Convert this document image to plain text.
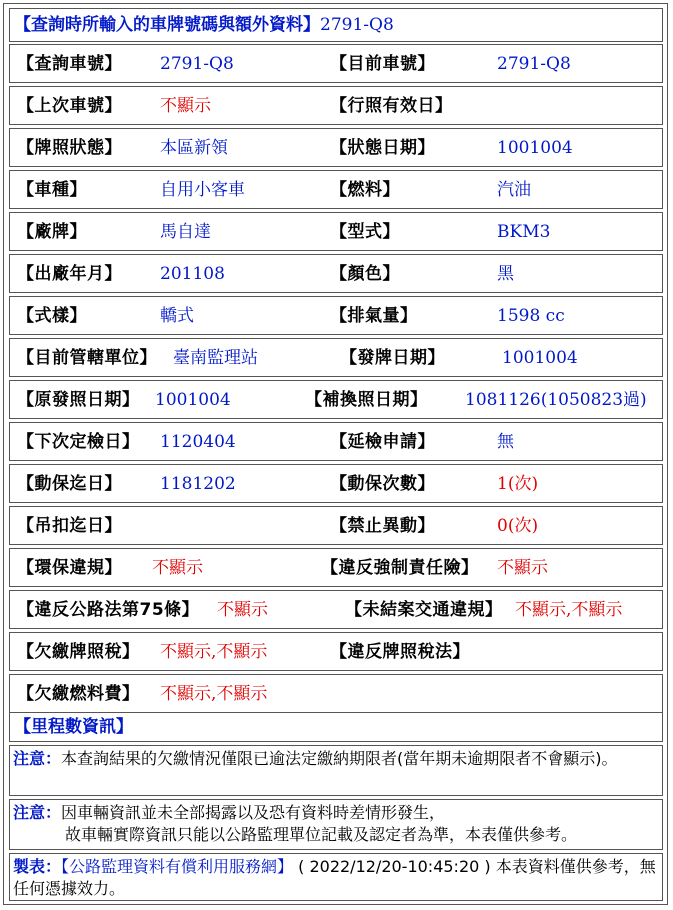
【查詢時所輸入的車牌號碼與額外資料】2791-Q8
【查詢車號】 2791-Q8	【目前車號】	2791-Q8
【上次車號】 不顯示	【行照有效日】
【牌照狀態】 本區新領	【狀態日期】	1001004
【車種】	自用小客車	【燃料】	汽油
【廠牌】	馬自達	【型式】	BKM3
【出廠年月】 201108	【顏色】	黑
【式樣】	轎式	【排氣量】	1598 cc
【目前管轄單位】 臺南監理站	【發牌日期】	1001004
【原發照日期】 1001004	【補換照日期】 1081126(1050823過)
【下次定檢日】 1120404	【延檢申請】	無
【動保迄日】 1181202	【動保次數】	1(次)
【吊扣迄日】	【禁止異動】	0(次)
【環保違規】 不顯示	【違反強制責任險】 不顯示
【違反公路法第75條】 不顯示	【未結案交通違規】 不顯示,不顯示
【欠繳牌照稅】 不顯示,不顯示	【違反牌照稅法】
【欠繳燃料費】 不顯示,不顯示
【里程數資訊】
注意：本查詢結果的欠繳情況僅限已逾法定繳納期限者(當年期未逾期限者不會顯示)。
注意：因車輛資訊並未全部揭露以及恐有資料時差情形發生，
故車輛實際資訊只能以公路監理單位記載及認定者為準，本表僅供參考。
製表：【公路監理資料有償利用服務網】 ( 2022/12/20-10:45:20 ) 本表資料僅供參考，無任何憑據效力。
